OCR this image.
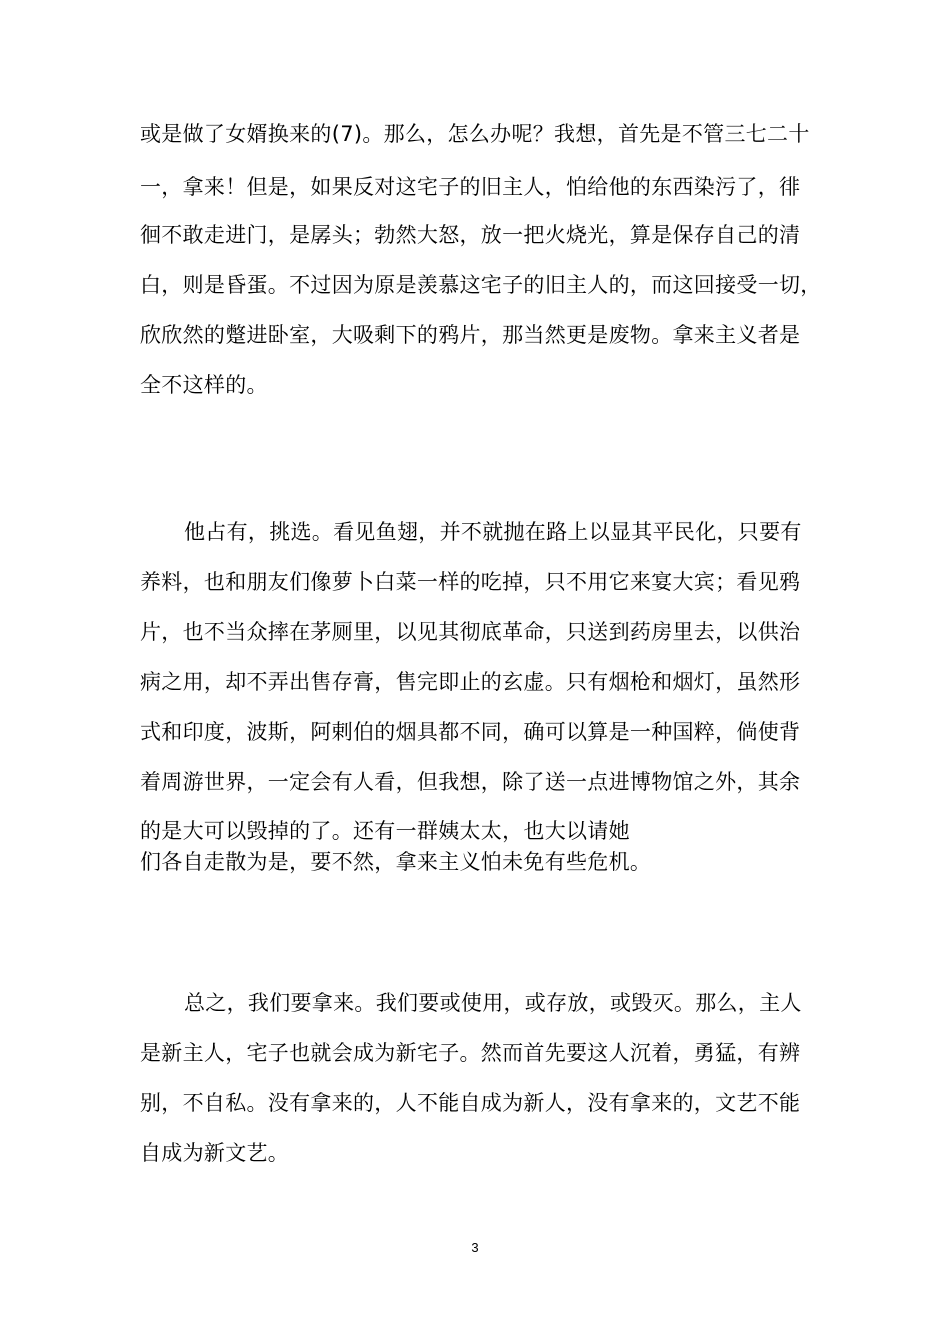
或是做了女婿换来的(7)。那么，怎么办呢？我想，首先是不管三七二十
一，拿来！但是，如果反对这宅子的旧主人，怕给他的东西染污了，徘
徊不敢走进门，是孱头；勃然大怒，放一把火烧光，算是保存自己的清
白，则是昏蛋。不过因为原是羡慕这宅子的旧主人的，而这回接受一切，
欣欣然的蹩进卧室，大吸剩下的鸦片，那当然更是废物。拿来主义者是
全不这样的。
他占有，挑选。看见鱼翅，并不就抛在路上以显其平民化，只要有
养料，也和朋友们像萝卜白菜一样的吃掉，只不用它来宴大宾；看见鸦
片，也不当众摔在茅厕里，以见其彻底革命，只送到药房里去，以供治
病之用，却不弄出售存膏，售完即止的玄虚。只有烟枪和烟灯，虽然形
式和印度，波斯，阿剌伯的烟具都不同，确可以算是一种国粹，倘使背
着周游世界，一定会有人看，但我想，除了送一点进博物馆之外，其余
的是大可以毁掉的了。还有一群姨太太，也大以请她
们各自走散为是，要不然，拿来主义怕未免有些危机。
总之，我们要拿来。我们要或使用，或存放，或毁灭。那么，主人
是新主人，宅子也就会成为新宅子。然而首先要这人沉着，勇猛，有辨
别，不自私。没有拿来的，人不能自成为新人，没有拿来的，文艺不能
自成为新文艺。
3
